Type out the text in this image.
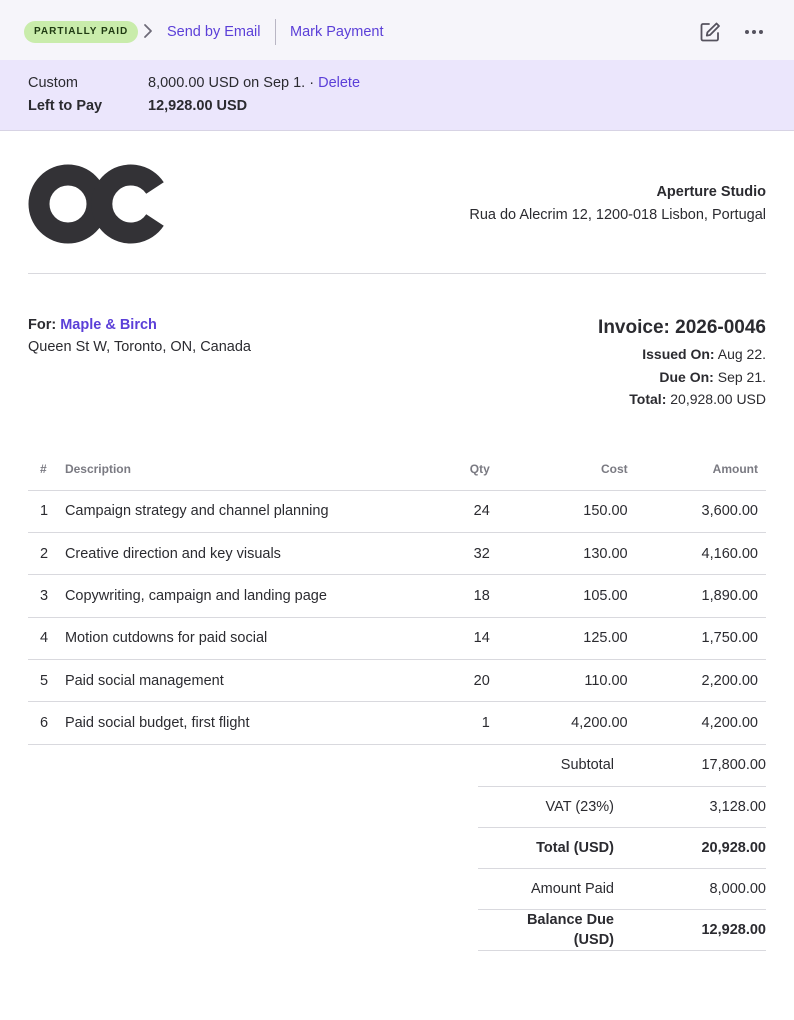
PARTIALLY PAID	Send by Email Mark Payment
Custom	8,000.00 USD on Sep 1. · Delete
Left to Pay	12,928.00 USD
Aperture Studio
Rua do Alecrim 12, 1200-018 Lisbon, Portugal
For: Maple & Birch
Queen St W, Toronto, ON, Canada
Invoice: 2026-0046
Issued On: Aug 22.
Due On: Sep 21.
Total: 20,928.00 USD
#	Description	Qty	Cost	Amount
1	Campaign strategy and channel planning	24	150.00	3,600.00
2	Creative direction and key visuals	32	130.00	4,160.00
3	Copywriting, campaign and landing page	18	105.00	1,890.00
4	Motion cutdowns for paid social	14	125.00	1,750.00
5	Paid social management	20	110.00	2,200.00
6	Paid social budget, first flight	1	4,200.00	4,200.00
Subtotal	17,800.00
VAT (23%)	3,128.00
Total (USD)	20,928.00
Amount Paid	8,000.00
Balance Due
(USD)	12,928.00
